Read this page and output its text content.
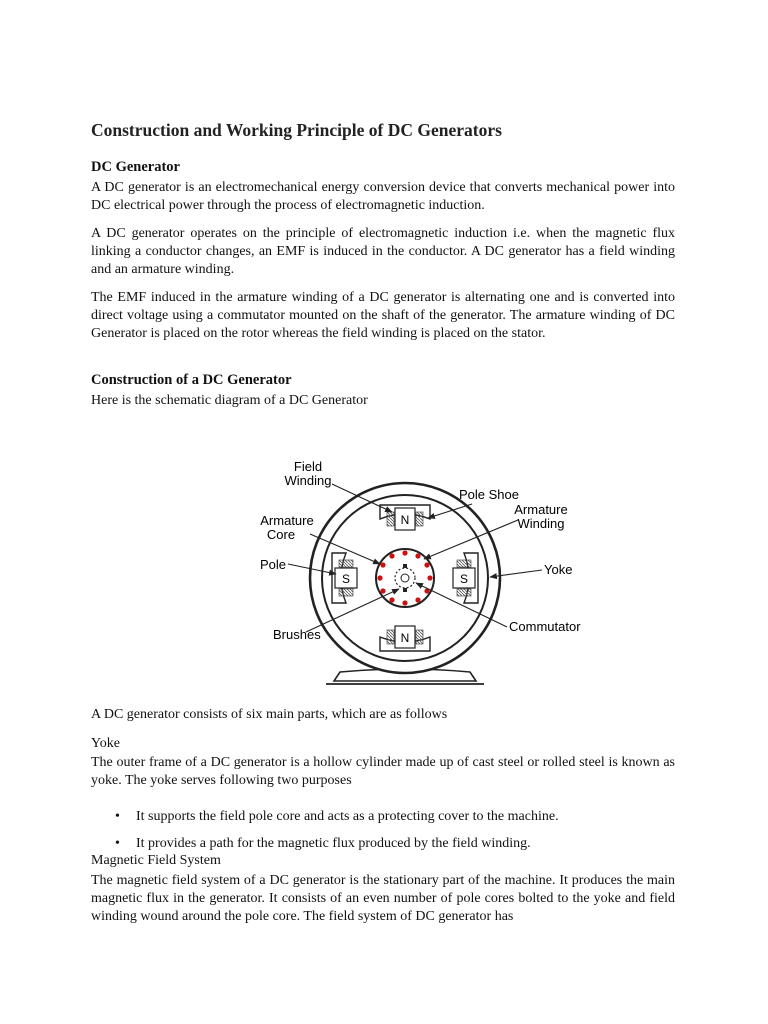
Construction and Working Principle of DC Generators
DC Generator

A DC generator is an electromechanical energy conversion device that converts mechanical power into DC electrical power through the process of electromagnetic induction.

A DC generator operates on the principle of electromagnetic induction i.e. when the magnetic flux linking a conductor changes, an EMF is induced in the conductor. A DC generator has a field winding and an armature winding.

The EMF induced in the armature winding of a DC generator is alternating one and is converted into direct voltage using a commutator mounted on the shaft of the generator. The armature winding of DC Generator is placed on the rotor whereas the field winding is placed on the stator.

Construction of a DC Generator

Here is the schematic diagram of a DC Generator

N
N
S	S
Field
Winding
Pole Shoe
Armature
Winding
Armature
Core
Pole	Yoke
Brushes
Commutator

A DC generator consists of six main parts, which are as follows

Yoke

The outer frame of a DC generator is a hollow cylinder made up of cast steel or rolled steel is known as yoke. The yoke serves following two purposes

• It supports the field pole core and acts as a protecting cover to the machine.
• It provides a path for the magnetic flux produced by the field winding.

Magnetic Field System

The magnetic field system of a DC generator is the stationary part of the machine. It produces the main magnetic flux in the generator. It consists of an even number of pole cores bolted to the yoke and field winding wound around the pole core. The field system of DC generator has
